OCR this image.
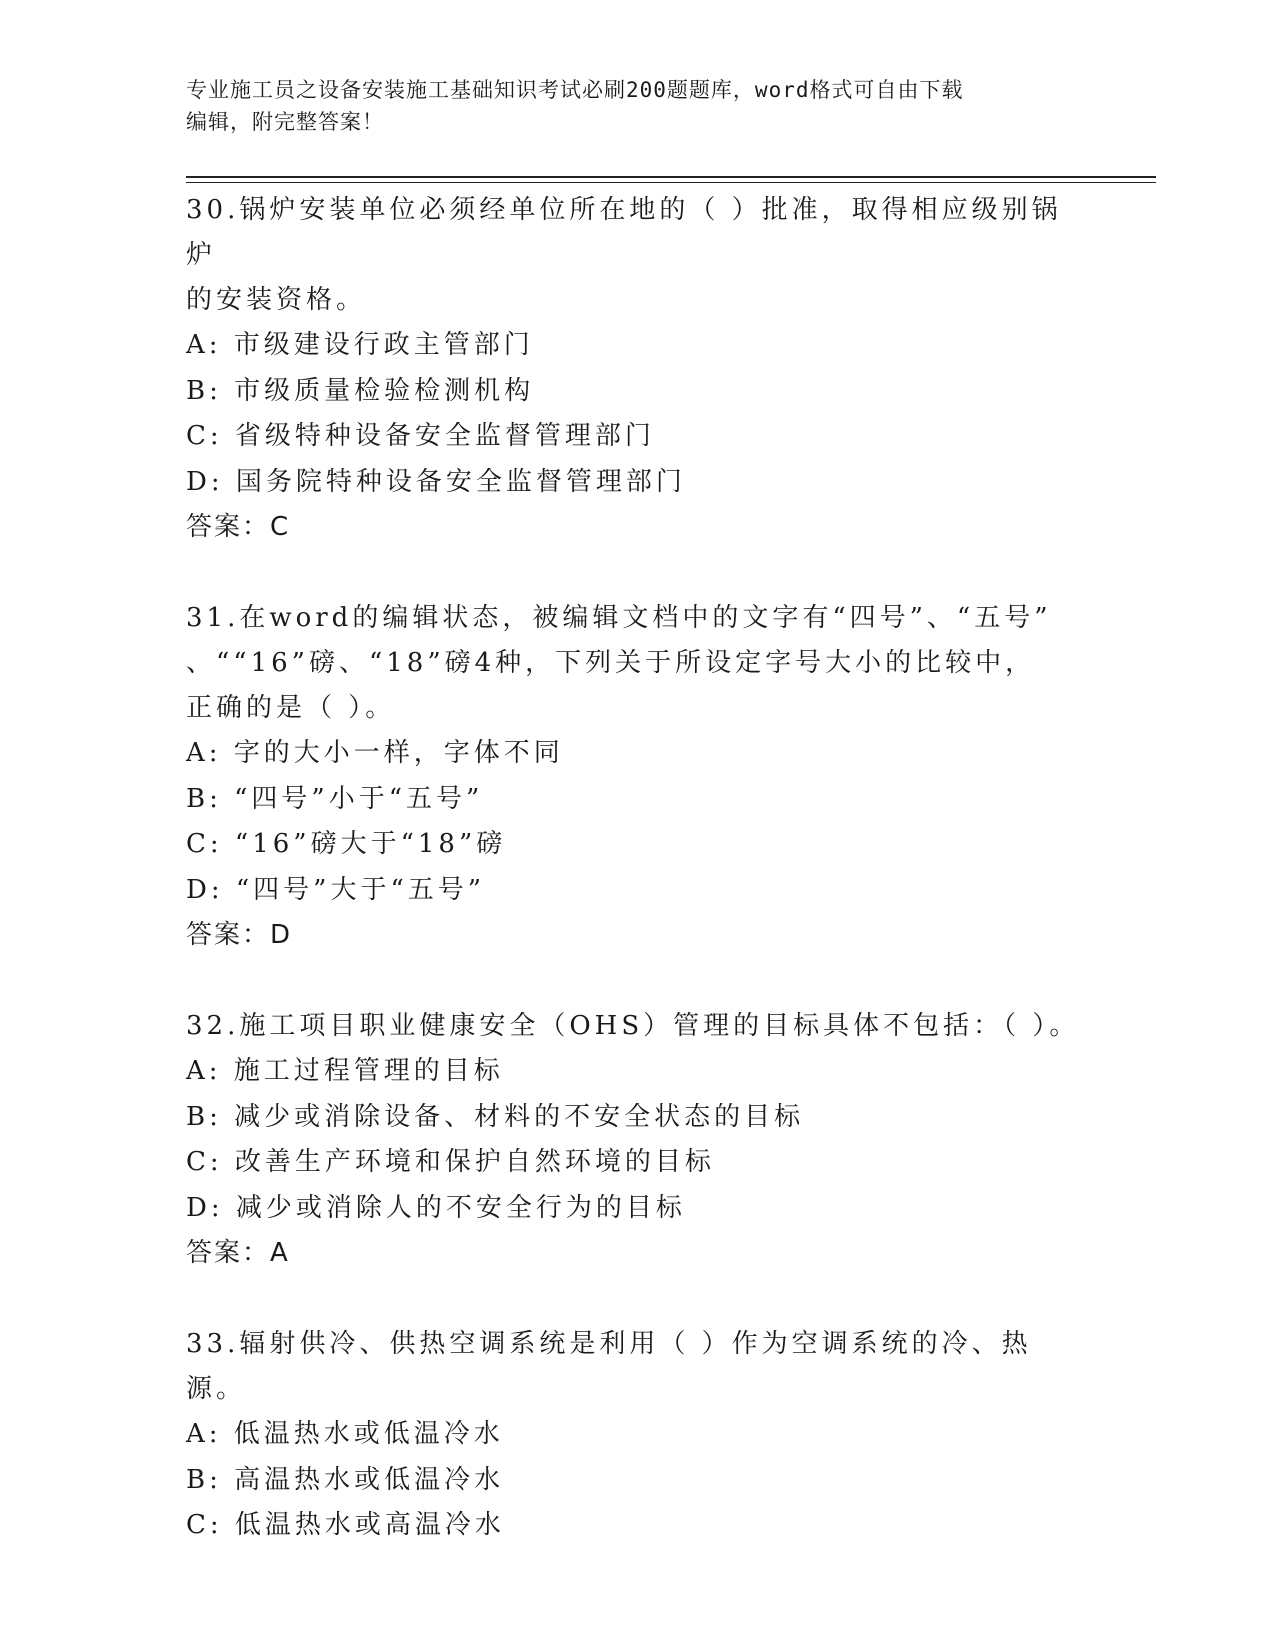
专业施工员之设备安装施工基础知识考试必刷200题题库，word格式可自由下载
编辑，附完整答案！
30.锅炉安装单位必须经单位所在地的（ ）批准，取得相应级别锅炉
的安装资格。
A: 市级建设行政主管部门
B: 市级质量检验检测机构
C: 省级特种设备安全监督管理部门
D: 国务院特种设备安全监督管理部门
答案：C
31.在word的编辑状态，被编辑文档中的文字有“四号”、“五号”
、““16”磅、“18”磅4种，下列关于所设定字号大小的比较中，
正确的是（ ）。
A: 字的大小一样，字体不同
B: “四号”小于“五号”
C: “16”磅大于“18”磅
D: “四号”大于“五号”
答案：D
32.施工项目职业健康安全（OHS）管理的目标具体不包括：（ ）。
A: 施工过程管理的目标
B: 减少或消除设备、材料的不安全状态的目标
C: 改善生产环境和保护自然环境的目标
D: 减少或消除人的不安全行为的目标
答案：A
33.辐射供冷、供热空调系统是利用（ ）作为空调系统的冷、热源。
A: 低温热水或低温冷水
B: 高温热水或低温冷水
C: 低温热水或高温冷水
